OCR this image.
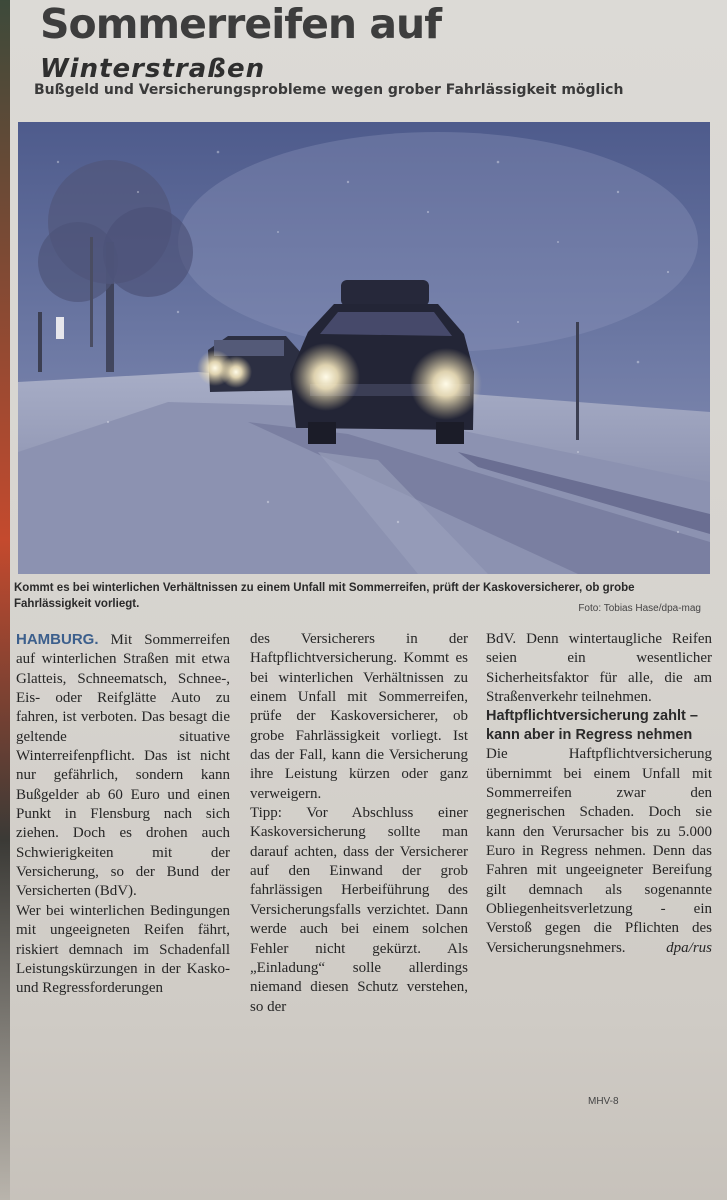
Sommerreifen auf
Winterstraßen

Bußgeld und Versicherungsprobleme wegen grober Fahrlässigkeit möglich

Kommt es bei winterlichen Verhältnissen zu einem Unfall mit Sommerreifen, prüft der Kaskoversicherer, ob grobe Fahrlässigkeit vorliegt.	Foto: Tobias Hase/dpa-mag

HAMBURG. Mit Sommerreifen auf winterlichen Straßen mit etwa Glatteis, Schneematsch, Schnee-, Eis- oder Reifglätte Auto zu fahren, ist verboten. Das besagt die geltende situative Winterreifenpflicht. Das ist nicht nur gefährlich, sondern kann Bußgelder ab 60 Euro und einen Punkt in Flensburg nach sich ziehen. Doch es drohen auch Schwierigkeiten mit der Versicherung, so der Bund der Versicherten (BdV).

Wer bei winterlichen Bedingungen mit ungeeigneten Reifen fährt, riskiert demnach im Schadenfall Leistungskürzungen in der Kasko- und Regressforderungen

des Versicherers in der Haftpflichtversicherung. Kommt es bei winterlichen Verhältnissen zu einem Unfall mit Sommerreifen, prüfe der Kaskoversicherer, ob grobe Fahrlässigkeit vorliegt. Ist das der Fall, kann die Versicherung ihre Leistung kürzen oder ganz verweigern.

Tipp: Vor Abschluss einer Kaskoversicherung sollte man darauf achten, dass der Versicherer auf den Einwand der grob fahrlässigen Herbeiführung des Versicherungsfalls verzichtet. Dann werde auch bei einem solchen Fehler nicht gekürzt. Als „Einladung“ solle allerdings niemand diesen Schutz verstehen, so der

BdV. Denn wintertaugliche Reifen seien ein wesentlicher Sicherheitsfaktor für alle, die am Straßenverkehr teilnehmen.

Haftpflichtversicherung zahlt – kann aber in Regress nehmen

Die Haftpflichtversicherung übernimmt bei einem Unfall mit Sommerreifen zwar den gegnerischen Schaden. Doch sie kann den Verursacher bis zu 5.000 Euro in Regress nehmen. Denn das Fahren mit ungeeigneter Bereifung gilt demnach als sogenannte Obliegenheitsverletzung - ein Verstoß gegen die Pflichten des Versicherungsnehmers.	dpa/rus

MHV-8
